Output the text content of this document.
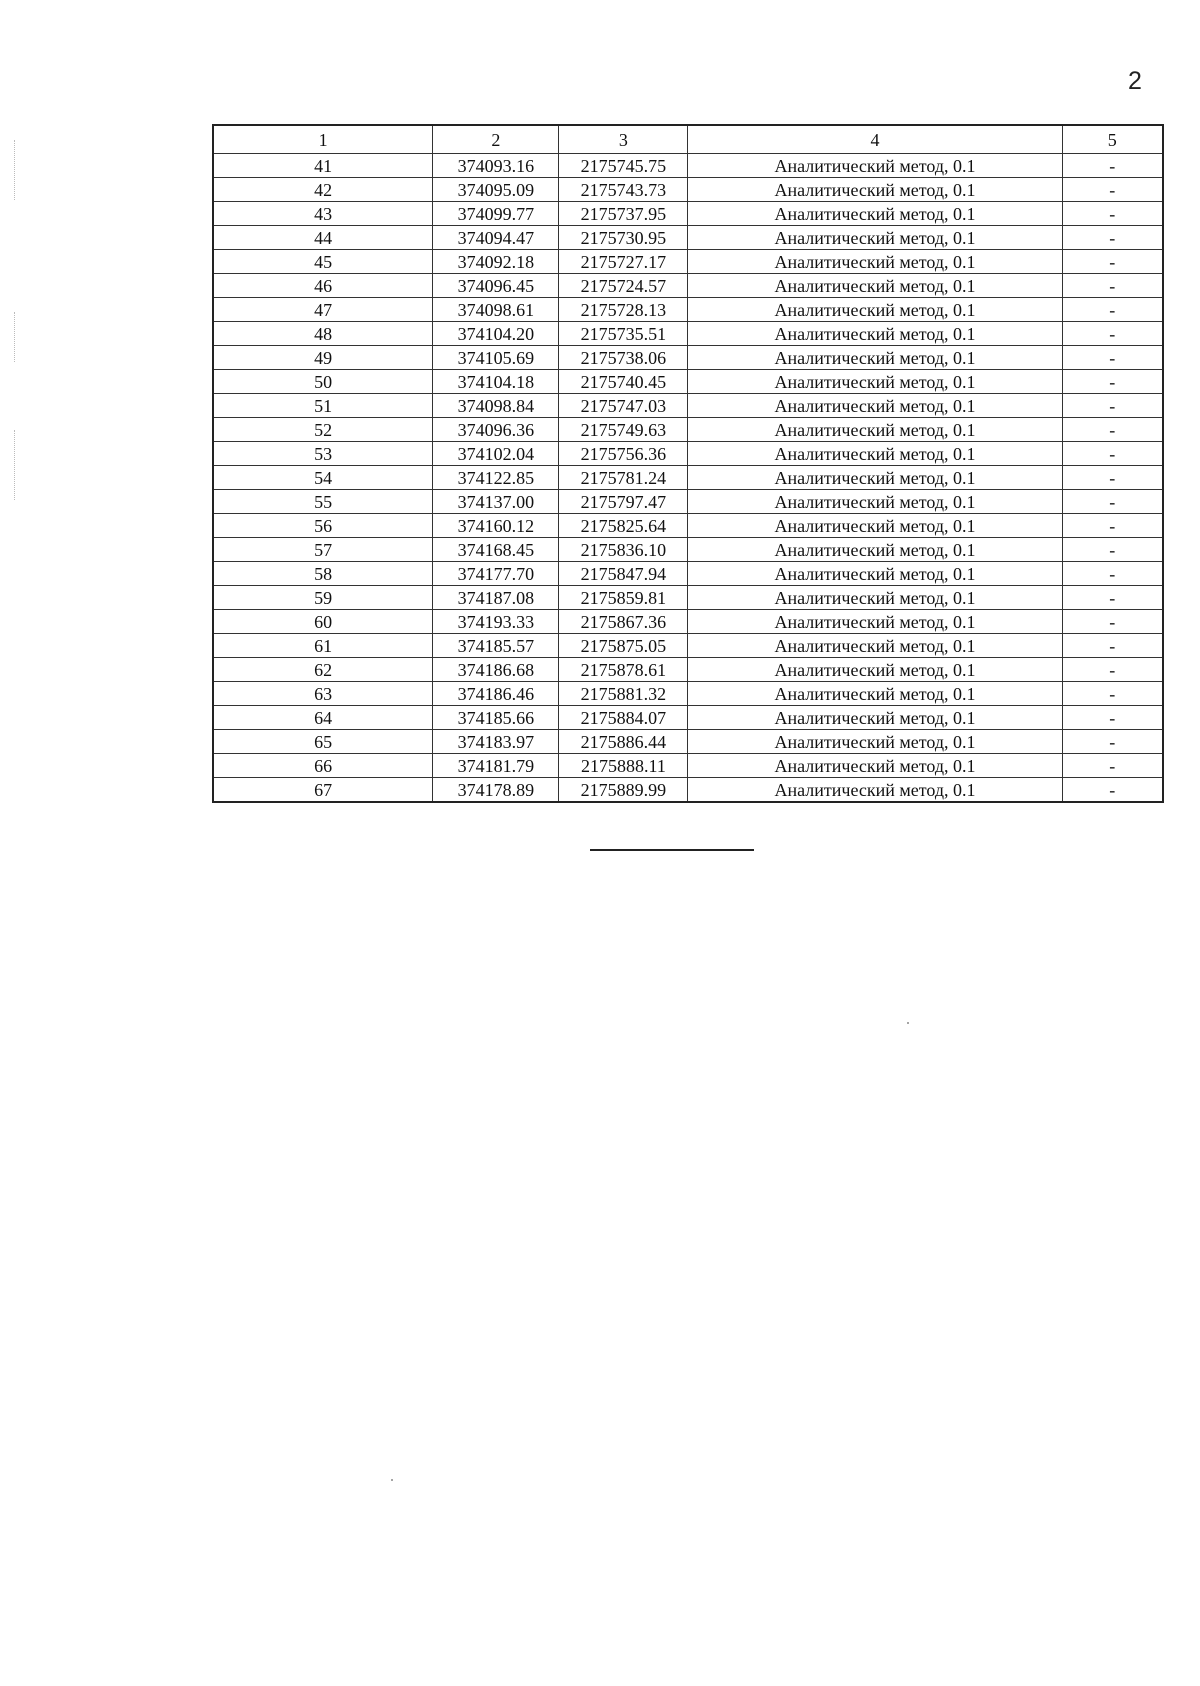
2
1	2	3	4	5
41	374093.16	2175745.75	Аналитический метод, 0.1	-
42	374095.09	2175743.73	Аналитический метод, 0.1	-
43	374099.77	2175737.95	Аналитический метод, 0.1	-
44	374094.47	2175730.95	Аналитический метод, 0.1	-
45	374092.18	2175727.17	Аналитический метод, 0.1	-
46	374096.45	2175724.57	Аналитический метод, 0.1	-
47	374098.61	2175728.13	Аналитический метод, 0.1	-
48	374104.20	2175735.51	Аналитический метод, 0.1	-
49	374105.69	2175738.06	Аналитический метод, 0.1	-
50	374104.18	2175740.45	Аналитический метод, 0.1	-
51	374098.84	2175747.03	Аналитический метод, 0.1	-
52	374096.36	2175749.63	Аналитический метод, 0.1	-
53	374102.04	2175756.36	Аналитический метод, 0.1	-
54	374122.85	2175781.24	Аналитический метод, 0.1	-
55	374137.00	2175797.47	Аналитический метод, 0.1	-
56	374160.12	2175825.64	Аналитический метод, 0.1	-
57	374168.45	2175836.10	Аналитический метод, 0.1	-
58	374177.70	2175847.94	Аналитический метод, 0.1	-
59	374187.08	2175859.81	Аналитический метод, 0.1	-
60	374193.33	2175867.36	Аналитический метод, 0.1	-
61	374185.57	2175875.05	Аналитический метод, 0.1	-
62	374186.68	2175878.61	Аналитический метод, 0.1	-
63	374186.46	2175881.32	Аналитический метод, 0.1	-
64	374185.66	2175884.07	Аналитический метод, 0.1	-
65	374183.97	2175886.44	Аналитический метод, 0.1	-
66	374181.79	2175888.11	Аналитический метод, 0.1	-
67	374178.89	2175889.99	Аналитический метод, 0.1	-
